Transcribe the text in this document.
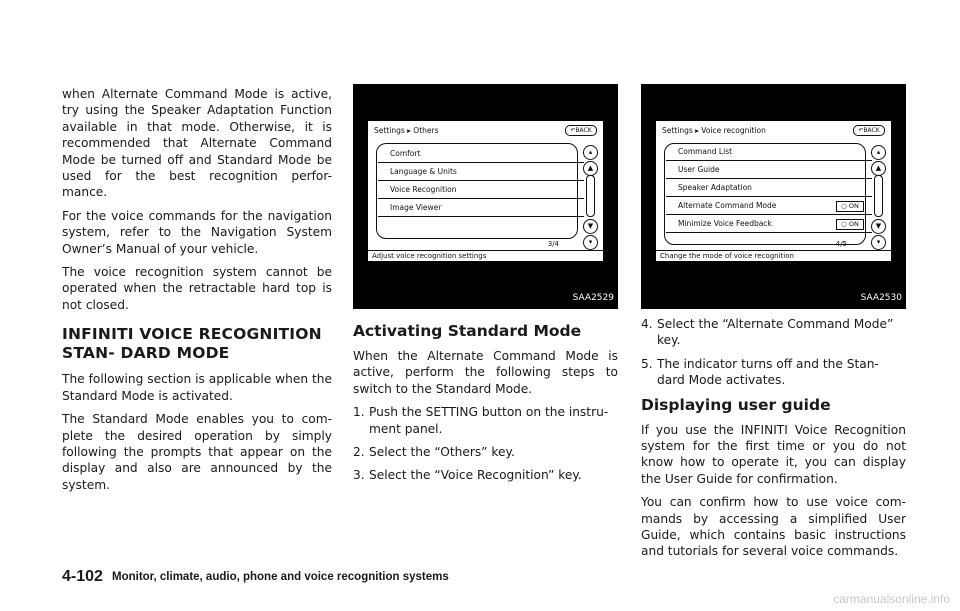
when Alternate Command Mode is active, try using the Speaker Adaptation Function available in that mode. Otherwise, it is recommended that Alternate Command Mode be turned off and Standard Mode be used for the best recognition perfor- mance.

For the voice commands for the navigation system, refer to the Navigation System Owner’s Manual of your vehicle.

The voice recognition system cannot be operated when the retractable hard top is not closed.

INFINITI VOICE RECOGNITION STAN- DARD MODE

The following section is applicable when the Standard Mode is activated.

The Standard Mode enables you to com- plete the desired operation by simply following the prompts that appear on the display and also are announced by the system.

Settings ▸ Others	↶BACK
Comfort
Language & Units
Voice Recognition
Image Viewer
▴
▲
▼
▾
3/4
Adjust voice recognition settings
SAA2529
Activating Standard Mode

When the Alternate Command Mode is active, perform the following steps to switch to the Standard Mode.

1. Push the SETTING button on the instru- ment panel.
2. Select the “Others” key.
3. Select the “Voice Recognition” key.
Settings ▸ Voice recognition	↶BACK
Command List
User Guide
Speaker Adaptation
Alternate Command Mode	○ ON
Minimize Voice Feedback	○ ON
▴
▲
▼
▾
4/5
Change the mode of voice recognition
SAA2530
4. Select the “Alternate Command Mode” key.
5. The indicator turns off and the Stan- dard Mode activates.
Displaying user guide

If you use the INFINITI Voice Recognition system for the first time or you do not know how to operate it, you can display the User Guide for confirmation.

You can confirm how to use voice com- mands by accessing a simplified User Guide, which contains basic instructions and tutorials for several voice commands.

4-102 Monitor, climate, audio, phone and voice recognition systems
carmanualsonline.info
